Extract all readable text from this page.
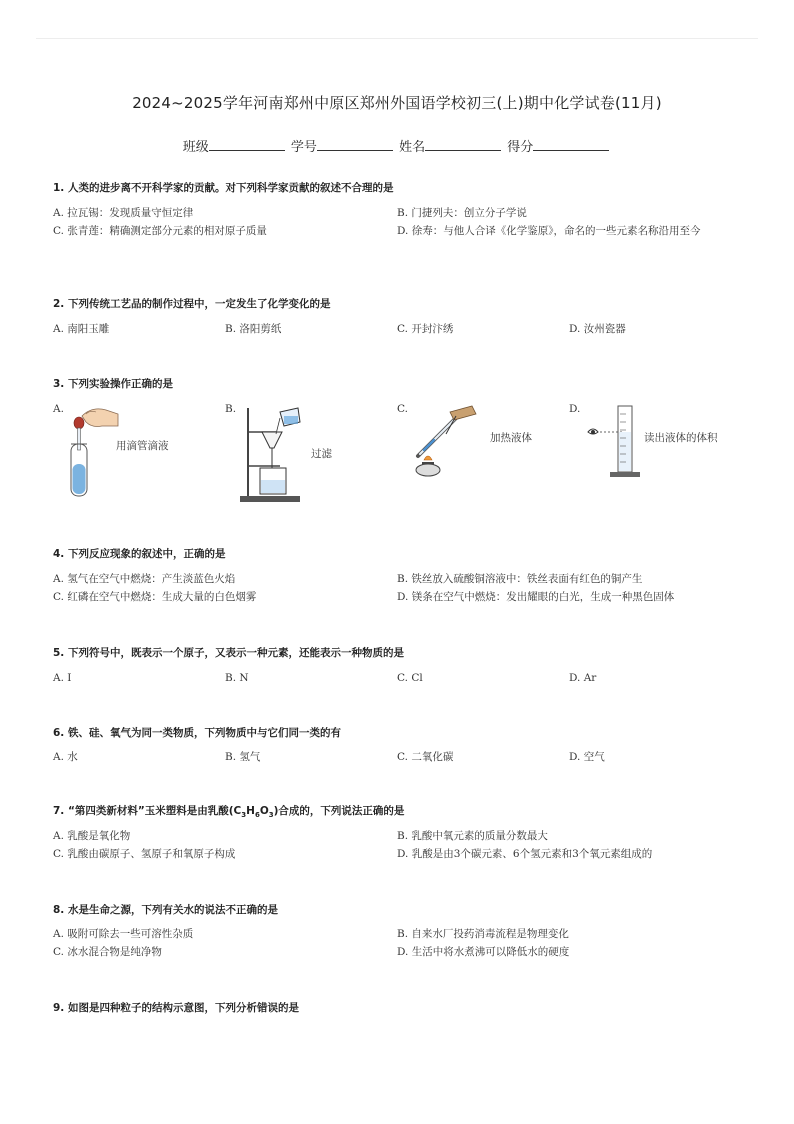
2024~2025学年河南郑州中原区郑州外国语学校初三(上)期中化学试卷(11月)
班级	学号	姓名	得分
1. 人类的进步离不开科学家的贡献。对下列科学家贡献的叙述不合理的是
A. 拉瓦锡：发现质量守恒定律	B. 门捷列夫：创立分子学说
C. 张青莲：精确测定部分元素的相对原子质量	D. 徐寿：与他人合译《化学鉴原》，命名的一些元素名称沿用至今
2. 下列传统工艺品的制作过程中，一定发生了化学变化的是
A. 南阳玉雕	B. 洛阳剪纸	C. 开封汴绣	D. 汝州瓷器
3. 下列实验操作正确的是
A.	B.	C.	D.
用滴管滴液
过滤
加热液体	读出液体的体积
4. 下列反应现象的叙述中，正确的是
A. 氢气在空气中燃烧：产生淡蓝色火焰	B. 铁丝放入硫酸铜溶液中：铁丝表面有红色的铜产生
C. 红磷在空气中燃烧：生成大量的白色烟雾	D. 镁条在空气中燃烧：发出耀眼的白光，生成一种黑色固体
5. 下列符号中，既表示一个原子，又表示一种元素，还能表示一种物质的是
A. I	B. N	C. Cl	D. Ar
6. 铁、硅、氧气为同一类物质，下列物质中与它们同一类的有
A. 水	B. 氢气	C. 二氧化碳	D. 空气
7. “第四类新材料”玉米塑料是由乳酸$(C_3H_6O_3)$合成的，下列说法正确的是
A. 乳酸是氧化物	B. 乳酸中氧元素的质量分数最大
C. 乳酸由碳原子、氢原子和氧原子构成	D. 乳酸是由3个碳元素、6个氢元素和3个氧元素组成的
8. 水是生命之源，下列有关水的说法不正确的是
A. 吸附可除去一些可溶性杂质	B. 自来水厂投药消毒流程是物理变化
C. 冰水混合物是纯净物	D. 生活中将水煮沸可以降低水的硬度
9. 如图是四种粒子的结构示意图，下列分析错误的是
